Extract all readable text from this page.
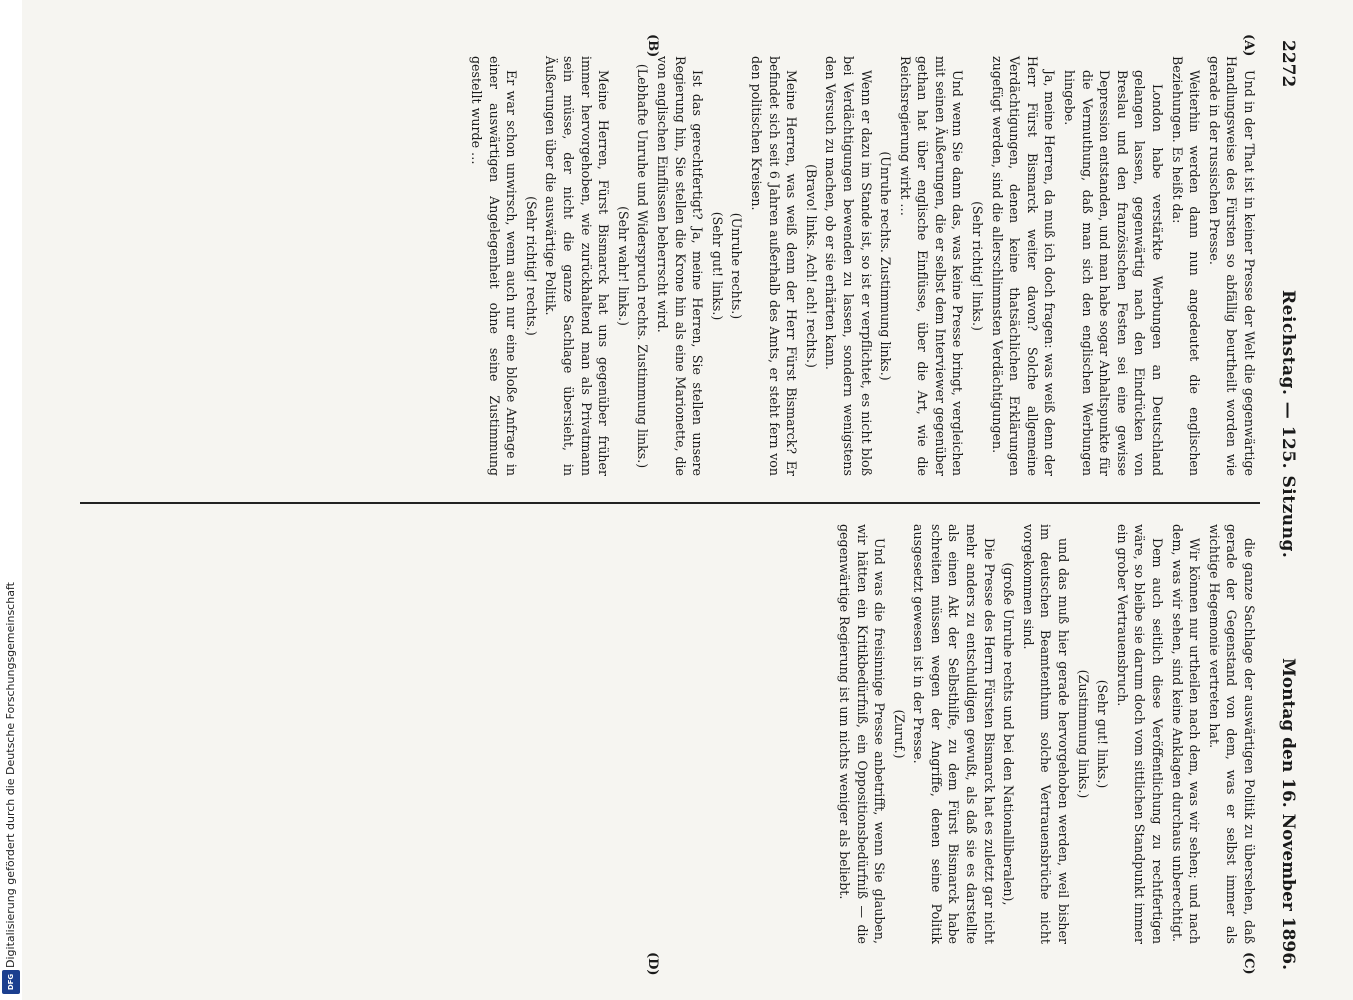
2272
Reichstag. — 125. Sitzung.
Montag den 16. November 1896.
(A)
(B)
(C)
(D)

Und in der That ist in keiner Presse der Welt die gegenwärtige Handlungsweise des Fürsten so abfällig beurtheilt worden wie gerade in der russischen Presse.

Weiterhin werden dann nun angedeutet die englischen Beziehungen. Es heißt da:

London habe verstärkte Werbungen an Deutschland gelangen lassen, gegenwärtig nach den Eindrücken von Breslau und den französischen Festen sei eine gewisse Depression entstanden, und man habe sogar Anhaltspunkte für die Vermuthung, daß man sich den englischen Werbungen hingebe.

Ja, meine Herren, da muß ich doch fragen: was weiß denn der Herr Fürst Bismarck weiter davon? Solche allgemeine Verdächtigungen, denen keine thatsächlichen Erklärungen zugefügt werden, sind die allerschlimmsten Verdächtigungen.

(Sehr richtig! links.)

Und wenn Sie dann das, was keine Presse bringt, vergleichen mit seinen Äußerungen, die er selbst dem Interviewer gegenüber gethan hat über englische Einflüsse, über die Art, wie die Reichsregierung wirkt …

(Unruhe rechts. Zustimmung links.)

Wenn er dazu im Stande ist, so ist er verpflichtet, es nicht bloß bei Verdächtigungen bewenden zu lassen, sondern wenigstens den Versuch zu machen, ob er sie erhärten kann.

(Bravo! links. Ach! ach! rechts.)

Meine Herren, was weiß denn der Herr Fürst Bismarck? Er befindet sich seit 6 Jahren außerhalb des Amts, er steht fern von den politischen Kreisen.

(Unruhe rechts.)

(Sehr gut! links.)

Ist das gerechtfertigt? Ja, meine Herren, Sie stellen unsere Regierung hin, Sie stellen die Krone hin als eine Marionette, die von englischen Einflüssen beherrscht wird.

(Lebhafte Unruhe und Widerspruch rechts. Zustimmung links.)

(Sehr wahr! links.)

Meine Herren, Fürst Bismarck hat uns gegenüber früher immer hervorgehoben, wie zurückhaltend man als Privatmann sein müsse, der nicht die ganze Sachlage übersieht, in Äußerungen über die auswärtige Politik.

(Sehr richtig! rechts.)

Er war schon unwirsch, wenn auch nur eine bloße Anfrage in einer auswärtigen Angelegenheit ohne seine Zustimmung gestellt wurde …

die ganze Sachlage der auswärtigen Politik zu übersehen, daß gerade der Gegenstand von dem, was er selbst immer als wichtige Hegemonie vertreten hat.

Wir können nur urtheilen nach dem, was wir sehen; und nach dem, was wir sehen, sind keine Anklagen durchaus unberechtigt.

Dem auch seitlich diese Veröffentlichung zu rechtfertigen wäre, so bleibe sie darum doch vom sittlichen Standpunkt immer ein grober Vertrauensbruch.

(Sehr gut! links.)

(Zustimmung links.)

und das muß hier gerade hervorgehoben werden, weil bisher im deutschen Beamtenthum solche Vertrauensbrüche nicht vorgekommen sind.

(große Unruhe rechts und bei den Nationalliberalen),

Die Presse des Herrn Fürsten Bismarck hat es zuletzt gar nicht mehr anders zu entschuldigen gewußt, als daß sie es darstellte als einen Akt der Selbsthilfe, zu dem Fürst Bismarck habe schreiten müssen wegen der Angriffe, denen seine Politik ausgesetzt gewesen ist in der Presse.

(Zuruf.)

Und was die freisinnige Presse anbetrifft, wenn Sie glauben, wir hätten ein Kritikbedürfniß, ein Oppositionsbedürfniß — die gegenwärtige Regierung ist um nichts weniger als beliebt.

Digitalisierung gefördert durch die Deutsche Forschungsgemeinschaft
DFG
